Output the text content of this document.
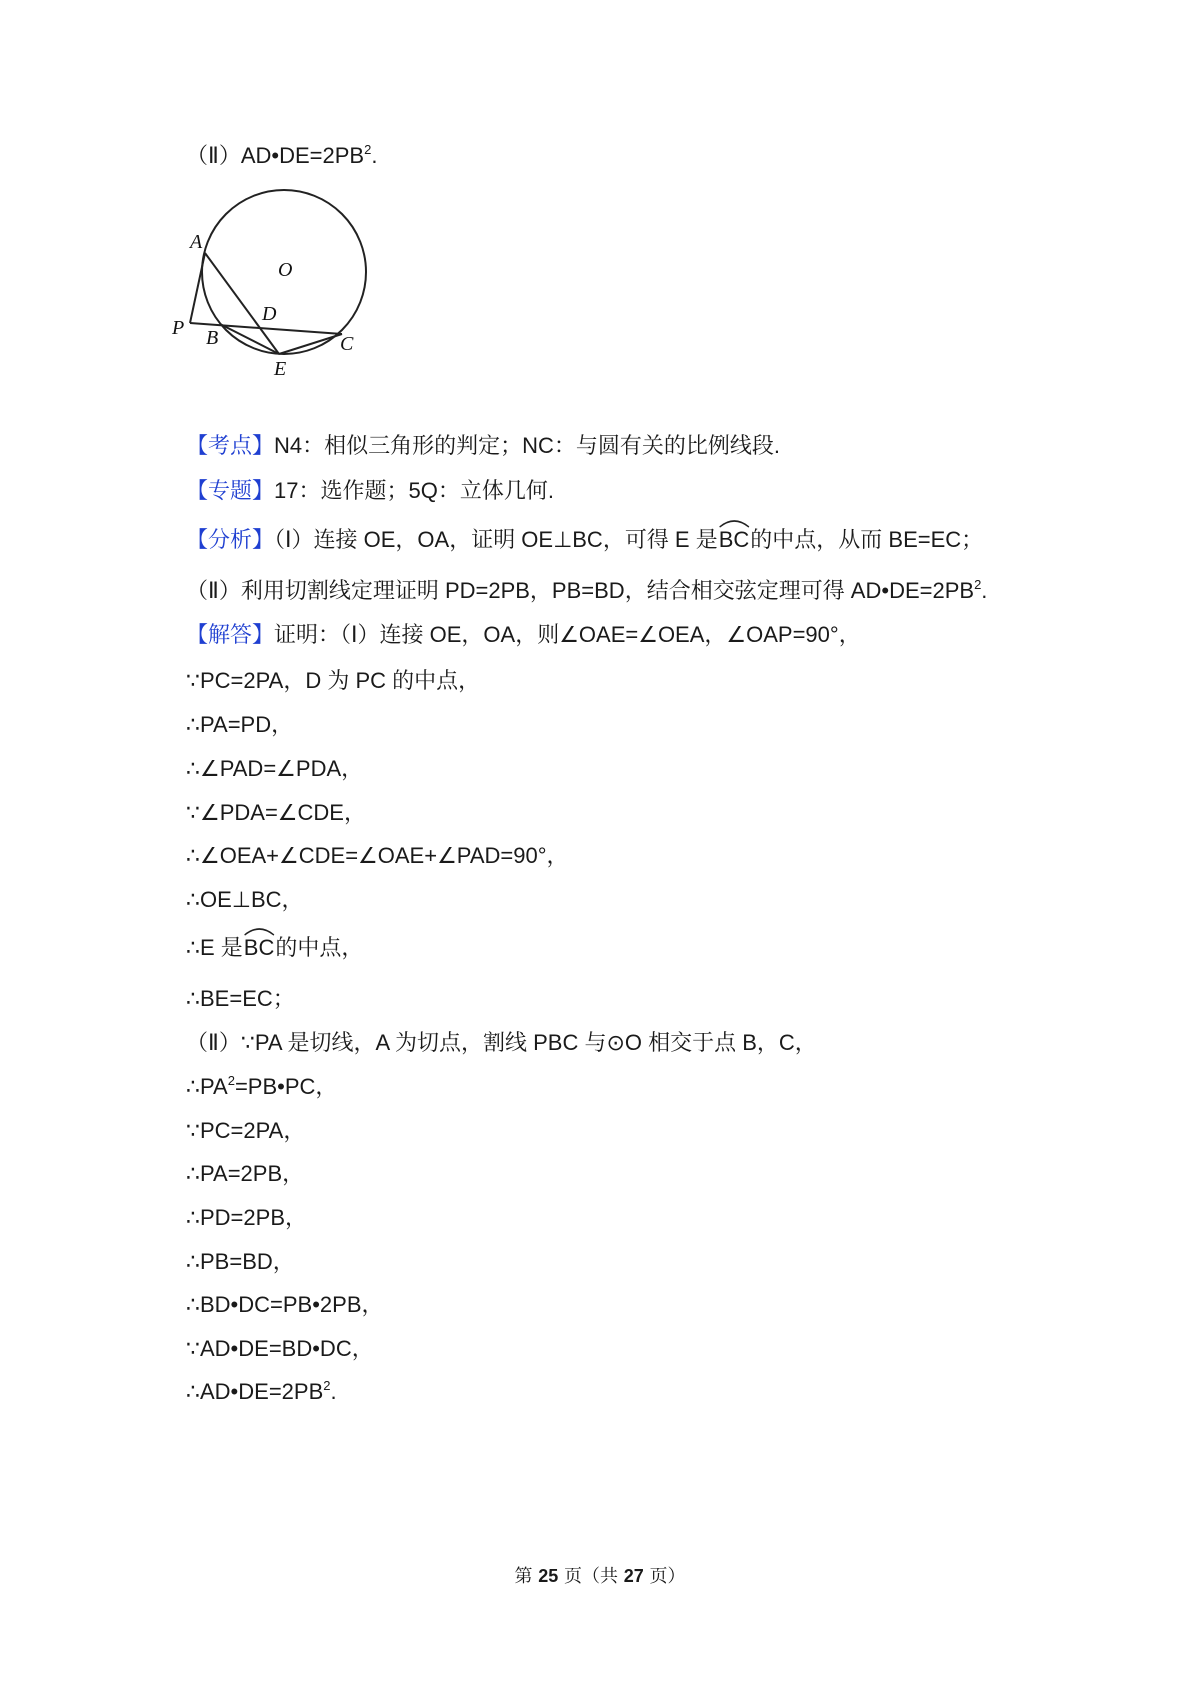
$(Ⅱ)AD•DE=2PB^2$.
A
O
D
P B	C
E
【考点】N4：相似三角形的判定；NC：与圆有关的比例线段.
【专题】17：选作题；5Q：立体几何.
【分析】（Ⅰ）连接 OE，OA，证明 OE⊥BC，可得 E 是
BC的中点，从而 BE=EC；
（Ⅱ）利用切割线定理证明 PD=2PB，PB=BD，结合相交弦定理可得 $AD•DE=2PB^2$.
【解答】证明：（Ⅰ）连接 OE，OA，则∠OAE=∠OEA，∠OAP=90°，
∵PC=2PA，D 为 PC 的中点，
∴PA=PD，
∴∠PAD=∠PDA，
∵∠PDA=∠CDE，
∴∠OEA+∠CDE=∠OAE+∠PAD=90°，
∴OE⊥BC，
∴E 是
BC的中点，
∴BE=EC；
（Ⅱ）∵PA 是切线，A 为切点，割线 PBC 与⊙O 相交于点 B，C，
$\therefore PA^2=PB•PC$，
∵PC=2PA，
∴PA=2PB，
∴PD=2PB，
∴PB=BD，
∴BD•DC=PB•2PB，
∵AD•DE=BD•DC，
$\therefore AD•DE=2PB^2$.
第 25 页（共 27 页）
